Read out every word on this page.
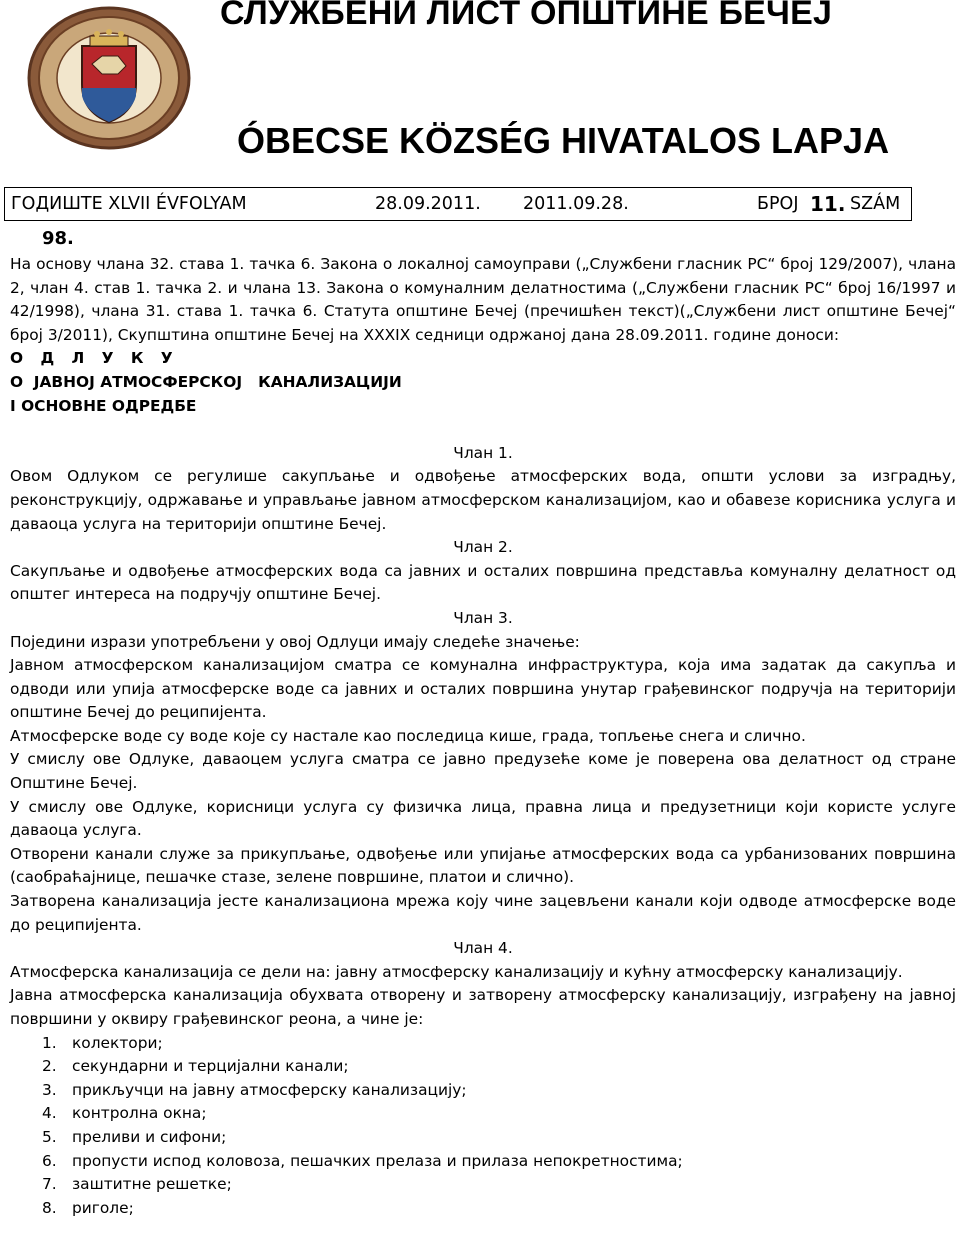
СЛУЖБЕНИ ЛИСТ ОПШТИНЕ БЕЧЕЈ
ÓBECSE KÖZSÉG HIVATALOS LAPJA
ГОДИШТЕ XLVII ÉVFOLYAM	28.09.2011. 2011.09.28.	БРОЈ 11. SZÁM
98.

На основу члана 32. става 1. тачка 6. Закона о локалној самоуправи („Службени гласник РС“ број 129/2007), члана 2, члан 4. став 1. тачка 2. и члана 13. Закона о комуналним делатностима („Службени гласник РС“ број 16/1997 и 42/1998), члана 31. става 1. тачка 6. Статута општине Бечеј (пречишћен текст)(„Службени лист општине Бечеј“ број 3/2011), Скупштина општине Бечеј на XXXIX седници одржаној дана 28.09.2011. године доноси:

О Д Л У К У

О  ЈАВНОЈ АТМОСФЕРСКОЈ   КАНАЛИЗАЦИЈИ

I ОСНОВНЕ ОДРЕДБЕ

Члан 1.

Овом Одлуком се регулише сакупљање и одвођење атмосферских вода, општи услови за изградњу, реконструкцију, одржавање и управљање јавном атмосферском канализацијом, као и обавезе корисника услуга и даваоца услуга на територији општине Бечеј.

Члан 2.

Сакупљање и одвођење атмосферских вода са јавних и осталих површина представља комуналну делатност од општег интереса на подручју општине Бечеј.

Члан 3.

Поједини изрази употребљени у овој Одлуци имају следеће значење:

Јавном атмосферском канализацијом сматра се комунална инфраструктура, која има задатак да сакупља и одводи или упија атмосферске воде са јавних и осталих површина унутар грађевинског подручја на територији општине Бечеј до реципијента.

Атмосферске воде су воде које су настале као последица кише, града, топљење снега и слично.

У смислу ове Одлуке, даваоцем услуга сматра се јавно предузеће коме је поверена ова делатност од стране Општине Бечеј.

У смислу ове Одлуке, корисници услуга су физичка лица, правна лица и предузетници који користе услуге даваоца услуга.

Отворени канали служе за прикупљање, одвођење или упијање атмосферских вода са урбанизованих површина (саобраћајнице, пешачке стазе, зелене површине, платои и слично).

Затворена канализација јесте канализациона мрежа коју чине зацевљени канали који одводе атмосферске воде до реципијента.

Члан 4.

Атмосферска канализација се дели на: јавну атмосферску канализацију и кућну атмосферску канализацију.

Јавна атмосферска канализација обухвата отворену и затворену атмосферску канализацију, изграђену на јавној површини у оквиру грађевинског реона, а чине је:

1. колектори;
2. секундарни и терцијални канали;
3. прикључци на јавну атмосферску канализацију;
4. контролна окна;
5. преливи и сифони;
6. пропусти испод коловоза, пешачких прелаза и прилаза непокретностима;
7. заштитне решетке;
8. риголе;
